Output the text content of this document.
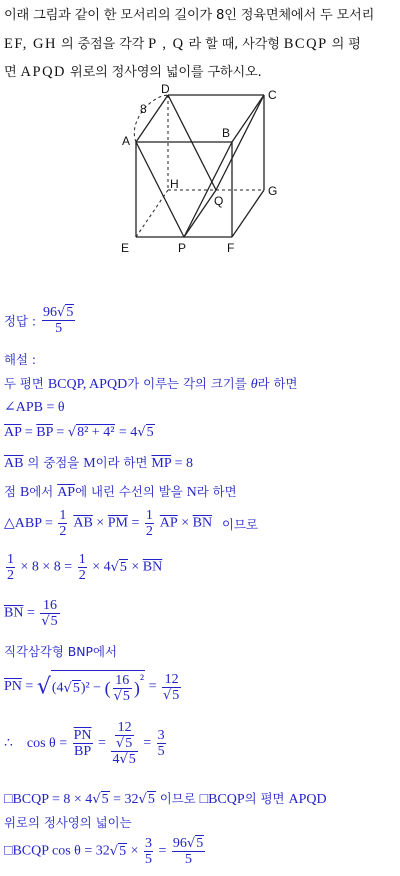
이래 그림과 같이 한 모서리의 길이가 8인 정육면체에서 두 모서리
EF, GH 의 중점을 각각 P , Q 라 할 때, 사각형 BCQP 의 평
면 APQD 위로의 정사영의 넓이를 구하시오.
D	C
A
B
H	G
Q
E	P	F
8
정답 : $\frac{96√5}{5}$
해설 :
두 평면 BCQP, APQD가 이루는 각의 크기를 θ라 하면
∠APB = θ
$\overline{AP} = \overline{BP} = √8^2 + 4^2 = 4√5$
$\overline{AB}$ 의 중점을 M이라 하면 $\overline{MP} = 8$
점 B에서 $\overline{AP}$에 내린 수선의 발을 N라 하면
△ABP = $\frac{1}{2} \overline{AB} \times \overline{PM} = \frac{1}{2} \overline{AP} \times \overline{BN}$ 이므로
$\frac{1}{2} \times 8 \times 8 = \frac{1}{2} \times 4√5 \times \overline{BN}$
$\overline{BN} = \frac{16}{√5}$
직각삼각형 BNP에서
$\overline{PN} = √(4√5)^2$ − ( $\frac{16}{√5} )^2 = \frac{12}{√5}$
∴ $\cos \theta = \frac{\overline{PN}}{BP} = \frac{\frac{12}{√5}}{4√5} = \frac{3}{5}$
□BCQP = 8 × 4√5 = 32√5 이므로 □BCQP의 평면 APQD
위로의 정사영의 넓이는
□BCQP $\cos \theta = 32√5 \times \frac{3}{5} = \frac{96√5}{5}$
